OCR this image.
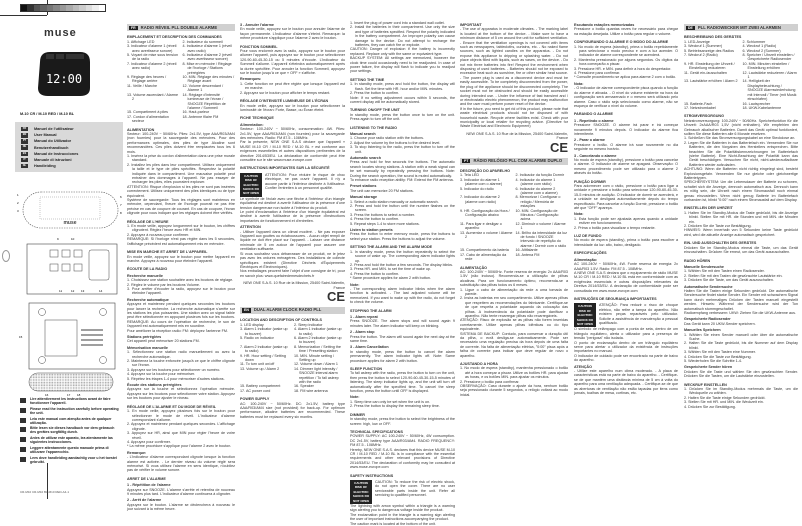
muse
12:00
M-10 CR / M-10 RED / M-10 BL
FR	Manuel de l'utilisateur
EN	User Manual
PT	Manual do Utilizador
DE	Benutzerhandbuch
ES	Manual de Instrucciones
IT	Manuale di istruzioni
NL	Handleiding
muse
1
2
3
6
7
8
9	10
11	12 13	14
15
16	17 18
Lire attentivement les instructions avant de faire fonctionner l'appareil.
Please read the instruction carefully before operating the unit.
Leia este manual com atenção antes de qualquer utilização.
Bitte lesen sie dieses handbuch vor dem gebrauch des gerätes sorgfältig durch.
Antes de utilizar este aparato, lea atentamente las siguientes instrucciones.
Leggere attentamente questo manuale prima di utilizzare l'apparecchio.
Lees deze handleiding aandachtig voor u het toestel gebruikt.
CR-M10 CR-M10 BL-M10 RED-A4-1
FR	RADIO RÉVEIL PLL DOUBLE ALARME
EMPLACEMENT ET DESCRIPTION DES COMMANDES
1. Affichage LED	2. Indicateur du sommeil
3. Indicateur d'alarme 1 (réveil avec avertisseur sonore)
4. Indicateur d'alarme 1 (réveil avec radio)
5. Voyant de mise sous tension de la radio
6. Indicateur d'alarme 2 (réveil avec avertisseur sonore)
7. Indicateur d'alarme 2 (réveil avec radio)
8. Mise en mémoire / Réglage de l'horloge / Stations préréglées
9. Réglage des heures / Réglage arrière
10. MIN. Réglage des minutes / Réglage avant
11. Veille / Marche	12. Volume descendant / Alarme 1
13. Volume ascendant / Alarme 2
14. Réglage d'intensité lumineuse de l'écran / SNOOZE Répétition de l'alarme / Sommeil
15. Compartiment à piles	16. Haut-parleur
17. Cordon d'alimentation secteur
18. Antenne filaire FM
ALIMENTATION
Secteur: 100-240V ~ 50/60Hz. Piles: 2x1.5V, type AAA/R03/AM4 (non fournies) pour la sauvegarde des mémoires. Pour des performances optimales, des piles de type Alcaline sont recommandées. Ces piles doivent être remplacées tous les 6 mois.
1. Insérez la prise du cordon d'alimentation dans une prise murale standard.
2. Installez les piles dans leur compartiment. Utilisez uniquement la taille et le type de piles spécifiés. Respectez la polarité indiquée dans le compartiment. Une mauvaise polarité peut entraîner des dommages à l'appareil. Ne pas essayer de recharger les piles, elles pourraient exploser.
ATTENTION: Risque d'explosion si les piles ne sont pas insérées correctement. Utilisez uniquement des piles identiques ou de type équivalent.
Système de sauvegarde: Tous les réglages sont maintenus en mémoire, cependant, l'heure de l'horloge pourrait ne pas être précise en cas de coupure de courant. En cas de coupure, l'écran clignote pour vous indiquer que les réglages doivent être vérifiés.
RÉGLAGE DE L'HEURE
1. En mode veille, appuyez longuement sur le bouton, les chiffres clignotent. Réglez l'heure avec HR et MIN.
2. Appuyez à nouveau pour confirmer.
REMARQUE: Si l'horloge n'est pas réglée dans les 5 secondes, l'affichage précédent est automatiquement mis en mémoire.
MISE EN MARCHE ET ARRET DE L'APPAREIL
En mode veille, appuyez sur le bouton pour mettre l'appareil en marche. Appuyez à nouveau pour éteindre l'appareil.
ÉCOUTE DE LA RADIO
Recherche manuelle
1. Choisissez une station souhaitée avec les boutons de réglage.
2. Réglez le volume par les boutons Volume.
3. Pour arrêter d'écouter la radio, appuyez sur le bouton pour éteindre l'appareil.
Recherche automatique
Appuyez et maintenez pendant quelques secondes les boutons pour lancer la recherche. La recherche automatique s'arrête sur les stations les plus puissantes. Une station avec un signal faible peut être sélectionnée en appuyant plusieurs fois sur les boutons. REMARQUE: Au cours de l'opération de recherche, le son de l'appareil est automatiquement mis en sourdine.
Pour améliorer la réception radio: FM: déployez l'antenne FM.
Stations préréglées
Cet appareil peut mémoriser 20 stations FM.
Mémorisation manuelle
1. Sélectionnez une station radio manuellement ou avec la recherche automatique.
2. Maintenez la touche enfoncée jusqu'à ce que le chiffre clignote sur l'écran.
3. Appuyez sur les boutons pour sélectionner un numéro.
4. Appuyez sur la touche pour mémoriser.
5. Répétez les étapes 1-4 pour mémoriser d'autres stations.
Écoute des stations préréglées
Appuyez sur la touche et sélectionnez l'opération mémoire. Appuyez sur les boutons pour sélectionner votre station. Appuyez sur les boutons pour ajuster le niveau.
RÉGLAGE DE L'ALARME ET DU MODE DE RÉVEIL
1. En mode veille, appuyez plusieurs fois sur le bouton pour sélectionner le mode de réveil. L'indicateur d'alarme correspondant s'allume.
2. Appuyez et maintenez pendant quelques secondes. L'affichage clignote.
3. Appuyez sur HR, ainsi que MIN pour régler l'heure de votre réveil.
4. Appuyez pour confirmer.
* La même procédure s'applique pour l'alarme 2 avec le bouton.
Remarque:
- L'indicateur d'alarme correspondant clignote lorsque la fonction alarme est activée. - Le dernier niveau du volume réglé sera mémorisé. Si vous utilisez l'alarme en sens identique, n'oubliez pas de vérifier le volume sonore.
ARRET DE L'ALARME
1 - Répétition de l'alarme
Appuyez sur SNOOZE. L'alarme s'arrête et retentira de nouveau 9 minutes plus tard. L'indicateur d'alarme continuera à clignoter.
2 - Arrêt de l'alarme
Appuyez sur le bouton. L'alarme se déclenchera à nouveau le jour suivant à la même heure.
3 - Annuler l'alarme
En mode veille, appuyez sur le bouton pour annuler l'alarme de façon permanente. L'indicateur d'alarme s'éteint. Remarque: la même procédure s'applique pour l'alarme 2 avec le bouton.
FONCTION SOMMEIL
Pour vous endormir avec la radio, appuyez sur le bouton pour allumer l'appareil, puis appuyez sur le bouton pour sélectionner 120-90-60-45-30-15 ou 5 minutes d'écoute. L'indicateur du Sommeil s'allume. L'appareil s'éteindra automatiquement après la durée spécifiée. Pour annuler la fonction Sommeil, appuyez sur le bouton jusqu'à ce que « OFF » s'affiche.
Remarques:
1. Cette fonction ne peut être réglée que lorsque l'appareil est en marche.
2. Appuyez sur le bouton pour afficher le temps restant.
RÉGLAGE D'INTENSITÉ LUMINEUSE DE L'ÉCRAN
En mode veille, appuyez sur le bouton pour sélectionner la luminosité de l'écran: Forte, Basse, ou Écran éteint.
FICHE TECHNIQUE
Alimentation:
Secteur: 100-240V ~ 50/60Hz, consommation: 4W. Piles: 2x1.5V, type AAA/R03/AM4 (non fournies) pour la sauvegarde des mémoires. Radio: FM 87.5 - 108MHz.
Par la présente, NEW ONE S.A.S déclare que l'appareil « MUSE M-10 CR / M-10 RED / M-10 BL » est conforme aux exigences essentielles et autres dispositions pertinentes de la directive 2014/53/EU. La déclaration de conformité peut être consultée sur le site www.muse-europe.com
INSTRUCTIONS IMPORTANTES SUR LA SÉCURITÉ
CAUTION RISK OF ELECTRIC SHOCK DO NOT OPEN
ATTENTION: Pour réduire le risque de choc électrique, ne pas ouvrir l'appareil. Il n'y a aucune partie à l'intérieur destinée à l'utilisateur. Confier l'entretien à un personnel qualifié.
Le symbole de l'éclair avec une flèche à l'intérieur d'un triangle équilatéral est destiné à avertir l'utilisateur de la présence d'une tension dangereuse non isolée à l'intérieur du produit.
Le point d'exclamation à l'intérieur d'un triangle équilatéral est destiné à avertir l'utilisateur de la présence d'instructions importantes de fonctionnement et d'entretien.
ATTENTION
- Utiliser l'appareil dans un climat modéré. - Ne pas exposer l'appareil aux gouttes ou éclaboussures. - Aucun objet rempli de liquide ne doit être placé sur l'appareil. - Laisser une distance minimale de 5 cm autour de l'appareil pour assurer une ventilation suffisante.
Si vous souhaitez vous débarrasser de ce produit, ne le jetez pas avec les ordures ménagères. Des installations de collecte spécifiques existent (Directive Déchets d'Équipements Électriques et Électroniques).
Nos emballages peuvent faire l'objet d'une consigne de tri, pour en savoir plus: www.quefairedemesdechets.fr
NEW ONE S.A.S. 10 Rue de la Mission, 25400 Saint-Valentin, France
CE
EN	DUAL ALARM CLOCK RADIO PLL
LOCATION AND DESCRIPTION OF CONTROLS
1. LED display	2. Sleep indicator
3. Alarm 1 indicator (wake up to buzzer)
4. Alarm 1 indicator (wake up to radio)
5. Radio on indicator	6. Alarm 2 indicator (wake up to buzzer)
7. Alarm 2 indicator (wake up to radio)
8. Memorization / Setting the time / Presetting station
9. HR. Hour setting / Setting down
10. MIN. Minute setting / Setting up
11. To turn unit on/off	12. Volume down / Alarm 1
13. Volume up / Alarm 2	14. Dimmer light intensity / SNOOZE interval alarm repetition / To fall asleep with the radio
15. Battery compartment	16. Speaker
17. AC power cord	18. FM wire antenna
POWER SUPPLY
AC: 100-240V ~ 50/60Hz. DC: 2x1.5V, battery type AAA/R03/AM4 size (not provided) for back-up. For optimum performance, alkaline batteries are recommended. These batteries must be replaced every six months.
1. Insert the plug of power cord into a standard wall outlet.
2. Install the batteries in their compartment. Use only the size and type of batteries specified. Respect the polarity indicated in the battery compartment. An improper polarity can cause damage to the device. Do not attempt to recharge the batteries, they can catch fire or explode.
CAUTION: Danger of explosion if the battery is incorrectly replaced. Replace only with the same or equivalent type.
BACKUP SYSTEM: All settings are memorized, however the clock time could occasionally need to be readjusted. In case of power failure, the display will flash to indicate you to readjust your settings.
SETTING THE TIME
1. In standby mode, press and hold the button, the display will flash. Set the time with HR. hour and/or MIN. minutes.
2. Press the button to confirm.
Note: If no setting adjustment occurs within 5 seconds, the current display will be automatically stored.
TURNING ON/OFF THE UNIT
In standby mode, press the button once to turn on the unit. Press again to turn off the unit.
LISTENING TO THE RADIO
Manual search
1. Choose your radio station with the buttons.
2. Adjust the volume by the buttons to the desired level.
3. To stop listening to the radio, press the button to turn off the unit.
Automatic search
Press and hold for few seconds the buttons. The automatic search locates strong stations. A station with a weak signal can be set manually by repeatedly pressing the buttons. Note: During the search operation, the sound is muted automatically.
To enhance radio reception ability: FM: Extend the FM antenna.
Preset stations
The unit can memorize 20 FM stations.
Manual storage
1. Select a radio station manually or automatic search.
2. Press and hold the button until the number flashes on the screen.
3. Press the buttons to select a number.
4. Press the button to confirm.
5. Repeat steps 1-4 to store more stations.
Listen to station presets
Press the button to enter memory mode, press the buttons to select your station. Press the buttons to adjust the volume.
SETTING THE ALARM AND THE ALARM MODE
1. In standby mode, press the button repeatedly to select the source of wake up. The corresponding alarm indicator lights up.
2. Press and hold the button a few seconds. The display blinks.
3. Press HR. and MIN. to set the time of wake up.
4. Press the button to confirm.
* Same procedure applies for alarm 2 with button.
Note:
- The corresponding alarm indicator blinks when the alarm function is activated. - The last adjusted volume will be memorized. If you want to wake up with the radio, do not forget to check the volume.
STOPPING THE ALARM
1 - Alarm repeat
Press SNOOZE. The alarm stops and will sound again 9 minutes later. The alarm indicator will keep on blinking.
2 - Alarm stop
Press the button. The alarm will sound again the next day at the same time.
3 - Alarm Cancellation
In standby mode, press the button to cancel the alarm permanently. The alarm indicator lights off. Note: Same procedure applies for alarm 2 with button.
SLEEP FUNCTION
To fall asleep with the radio, press the button to turn on the unit, then press the button to select 120-90-60-45-30-15-5 minutes of listening. The sleep indicator lights up, and the unit will turn off automatically after the specified time. To cancel the sleep function, press the button until OFF is displayed.
Note:
1. Sleep time can only be set when the unit is on.
2. Press the button to display the remaining sleep time.
DIMMER
In standby mode, press the button to select the brightness of the screen: high, low or OFF.
TECHNICAL SPECIFICATIONS
POWER SUPPLY: AC 100-240V ~ 50/60Hz, 4W consumption. DC 2x1.5V, battery type AAA/R03/AM4. RADIO FREQUENCY: FM 87.5 - 108MHz.
Hereby, NEW ONE S.A.S. declares that this device MUSE M-10 CR / M-10 RED / M-10 BL is in compliance with the essential requirements and other relevant provisions of Directive 2014/53/EU. The declaration of conformity may be consulted at www.muse-europe.com
SAFETY INSTRUCTIONS
CAUTION RISK OF ELECTRIC SHOCK DO NOT OPEN
CAUTION: To reduce the risk of electric shock, do not open the cover. There are no user serviceable parts inside the unit. Refer all servicing to qualified personnel.
The lightning with arrow symbol within a triangle is a warning sign alerting you to dangerous voltage inside the product.
The exclamation point in the triangle is a warning sign alerting the user of important instructions accompanying the product.
The caution mark is located at the bottom of the unit.
IMPORTANT
- The use of apparatus in moderate climates. - The marking label is located at the bottom of the device. - Make sure to have a minimum distance of 5 cm around the unit for sufficient ventilation. - Ensure that the ventilation openings is not covered with items such as newspapers, tablecloths, curtains, etc. - No naked flame sources, such as lighted candles on the apparatus. - Do not expose this appliance to dripping or splashing water. - Do not place objects filled with liquids, such as vases, on the device. - Do not mix three batteries into fire! Respect the environment when disposing of used batteries. - Batteries should not be exposed to excessive heat such as sunshine, fire or other similar heat source. - The power plug is used as a disconnect device and must be easily accessible. To be completely disconnected from the power, the plug of the appliance should be disconnected completely. The socket must not be obstructed and should be easily accessible during intended use. - Under the influence of fast transient and / or electrostatic electric phenomenon, the product may malfunction and the user must perform power reset of the device.
If in the future, you need to get rid of this product, please note that waste electrical products should not be disposed of with household waste. Recycle where facilities exist. Check with your municipality or local retailer for recycling advice. (Directive for Waste Electrical and Electronic Equipment)
NEW ONE S.A.S. 10 Rue de la Mission, 25400 Saint-Valentin, France
CE
PT	RÁDIO RELÓGIO PLL COM ALARME DUPLO
DESCRIÇÃO DO APARELHO
1. Tela LED	2. Indicador da função Dormir
3. Indicador do alarme 1 (alarme com o alarme)
4. Indicador do alarme 1 (alarme com rádio)
5. Indicador do rádio	6. Indicador do alarme 2 (alarme com o alarme)
7. Indicador do alarme 2 (alarme com rádio)
8. Memorizar / Configurar o relógio / Memória de estações
9. HR. Configuração da Hora / Configuração abaixo
10. MIN. Configuração de Minutos / Configuração acima
11. Para ligar e desligar o aparelho
12. Diminuir o volume / Alarme 1
13. Aumentar o volume / Alarme 2
14. Brilho da intensidade da luz de fundo / SNOOZE intervalo de repetição do alarme / Dormir com o rádio
15. Compartimento da bateria	16. Altifalante
17. Cabo de alimentação da rede
18. Antena FM
ALIMENTAÇÃO
AC: 100-240V ~ 50/60Hz. Fonte reserva de energia: 2x AAA/R03 1.5V (não incluso). Recomenda-se a utilização de pilhas alcalinas. Para um funcionamento óptimo, recomenda-se a substituição das pilhas todos os 6 meses.
1. Ligue o cabo de alimentação da rede a uma tomada de parede.
2. Insira as baterias em seu compartimento. Utilize apenas pilhas que respeitem as recomendações do fabricante. Certifique-se de que respeita a polaridade aquando da colocação das pilhas. A inobservância da polaridade pode danificar o aparelho. Não tente recarregar pilhas não recarregáveis.
ATENÇÃO: Risco de explosão se as pilhas não forem inseridas corretamente. Utilize apenas pilhas idênticas ou do tipo equivalente.
SISTEMA DE BACKUP: Contudo, para conservar a duração útil da pilha, o ecrã desliga-se automaticamente. Pode ser necessário uma regulação precisa da hora depois de uma falta de corrente. Na falta de alimentação elétrica, "0:00" pisca após a falha de corrente para indicar que deve regular de novo o aparelho.
AJUSTANDO A HORA
1. No modo de espera (standby), mantenha pressionado o botão até a hora começar a piscar. Utilize os botões HR. para ajustar as horas, e os botões MIN. para ajustar os minutos.
2. Pressione o botão para confirmar.
OBSERVAÇÃO: Caso durante o ajuste da hora, nenhum botão seja pressionado durante 5 segundos, o relógio voltará ao modo inicial.
Escutando estações memorizadas
Pressione o botão quantas vezes for necessário para chegar na estação desejada. Utilize o botão para regular o volume.
CONFIGURANDO O ALARME E O MODO DO ALARME
1. No modo de espera (standby), prima o botão repetidamente para selecionar o modo preciso e com a luz acender. O indicador de alarme correspondente se acenderá.
2. Mantenha pressionado por alguns segundos. Os dígitos da hora começarão a piscar.
3. Pressione HR. e MIN. para definir a hora do despertador.
4. Pressione para confirmar.
* Consulte procedimento se aplica para alarme 2 com o botão.
Nota:
- O indicador de alarme correspondente pisca quando a função do alarme é ativada. - O nível do volume existente na hora da configuração será armazenado e o mesmo será utilizado pelo alarme. Caso o rádio seja selecionado como alarme, não se esqueça de verificar o nível do volume.
PARANDO O ALARME
1 - Repetindo o alarme
Pressione SNOOZE. O alarme irá parar e irá começar novamente 9 minutos depois. O indicador do alarme fica intermitente.
2 - Parar o alarme
Pressione o botão. O alarme irá soar novamente no dia seguinte no mesmo horário.
3 - Cancelando o alarme
No modo de espera (standby), pressione o botão para cancelar o alarme. O indicador de alarme se apagará. Observação: O mesmo procedimento pode ser utilizado para o alarme 2 através do botão.
FUNÇÃO DORMIR
Para adormecer com o rádio, pressione o botão para ligar a unidade e pressione o botão para selecionar 120-90-60-45-30-15-5 minutos de audição. O indicador de dormir se acenderá, e a unidade se desligará automaticamente depois do tempo especificado. Para cancelar a função Dormir, pressione o botão até que "OFF" apareça.
Nota:
1. Esta função pode ser ajustada apenas quando a unidade estiver em funcionamento.
2. Prima o botão para visualizar o tempo restante.
LUZ DE FUNDO
No modo de espera (standby), prima o botão para escolher a intensidade da luz: alto, baixo, desligado.
ESPECIFICAÇÕES
Alimentação:
AC 100-240V ~ 50/60Hz, 4W. Fonte reserva de energia: 2x AAA/R03 1.5V. Rádio: FM 87.5 - 108MHz.
A NEW ONE S.A.S declara que o equipamento de rádio MUSE M-10 CR / M-10 RED / M-10 BL está em conformidade com as exigências essenciais e outras disposições relevantes da Diretiva 2014/53/EU. A declaração de conformidade pode ser consultada em www.muse-europe.com
INSTRUÇÕES DE SEGURANÇA IMPORTANTES
CAUTION RISK OF ELECTRIC SHOCK DO NOT OPEN
ATENÇÃO: Para reduzir o risco de choque elétrico, não retire a tampa do aparelho. Não existem peças reparáveis pelo utilizador. Solicite a assistência de manutenção a pessoal qualificado.
O símbolo de relâmpago com a ponta de seta, dentro de um triângulo equilátero, alerta o utilizador para a presença de tensão "perigosa" não isolada.
O ponto de exclamação dentro de um triângulo equilátero serve para alertar o utilizador da existência de instruções importantes no manual.
O indicador de cuidado pode ser encontrado na parte de baixo do aparelho.
ATENÇÃO
- Utilize este aparelho num clima moderado. - A placa de características está na parte de baixo do aparelho. - Certifique-se de que mantém uma distância mínima de 5 cm à volta do aparelho para uma ventilação adequada. - Certifique-se de que as aberturas de ventilação não estão tapadas por itens como jornais, toalhas de mesa, cortinas, etc.
DE	PLL RADIOWECKER MIT ZWEI ALARMEN
BESCHREIBUNG DES GERÄTES
1. LED-Anzeige	2. Schlummer
3. Weckruf 1 (Summer)	4. Weckruf 1 (Radio)
5. Betriebsanzeige des Radios	6. Weckruf 2 (Summer)
7. Weckruf 2 (Radio)	8. Speicher / Uhrzeit einstellen / Gespeicherte Radiosender
9. HR. Einstellung der Uhrzeit / Einstellung reduzieren
10. MIN. Minuten einstellen / Einstellung erhöhen
11. Gerät ein-/ausschalten	12. Lautstärke reduzieren / Alarm 1
13. Lautstärke erhöhen / Alarm 2	14. Helligkeit der Displaybeleuchtung / SNOOZE Alarmwiederholung mit Intervall / Timer (mit Musik einschlafen)
15. Batterie-Fach	16. Lautsprecher
17. Netzstromkabel	18. UKW-Kabelantenne
STROMVERSORGUNG
Netzstromversorgung: 100-240V ~ 50/60Hz. Speicherfunktion für die Uhrzeit: 2xAAA/R03 1,5V (nicht enthalten). Wir empfehlen den Gebrauch alkalischer Batterien. Damit das Gerät optimal funktioniert, sollten Sie diese Batterien alle 6 Monate ersetzen.
1. Schließen Sie das Stromversorgungskabel an eine Steckdose an.
2. Legen Sie die Batterien in das Batteriefach ein. Verwenden Sie nur Batterien, die den Vorgaben des Herstellers entsprechen. Bitte beachten Sie die Polaritätskennzeichnungen im Batteriefach (siehe Batterie). Eine Nicht-Beachtung der Polarität kann das Gerät beschädigen. Versuchen Sie nicht, nicht-wiederaufladbare Batterien wieder aufzuladen.
ACHTUNG: Wenn die Batterien nicht richtig eingelegt sind, besteht Explosionsgefahr. Verwenden Sie nur gleiche oder gleichwertige Batterietypen.
SPEICHERSYSTEM: Um die Lebensdauer der Batterie zu schonen, schaltet sich die Anzeige, dennoch automatisch aus. Dennoch kann es nötig sein, die Uhrzeit nach einem Stromausfall noch einmal genau einzustellen. Wenn nicht genug Batterie im Batteriefach vorhanden ist, blinkt "0:00" nach einem Stromausfall auf dem Display.
EINSTELLEN DER UHRZEIT
1. Halten Sie im Standby-Modus die Taste gedrückt, bis die Anzeige blinkt. Stellen Sie mit HR. die Stunden und mit MIN. die Minuten ein.
2. Drücken Sie die Taste zur Bestätigung.
HINWEIS: Wenn innerhalb von 5 Sekunden keine Taste gedrückt wird, wird die aktuelle Anzeige automatisch gespeichert.
EIN- UND AUSSCHALTEN DES GERÄTES
Drücken Sie im Standby-Modus einmal die Taste, um das Gerät einzuschalten. Drücken Sie erneut, um das Gerät auszuschalten.
RADIO HÖREN
Manuelle Sendersuche
1. Wählen Sie mit den Tasten einen Radiosender.
2. Stellen Sie mit den Tasten die gewünschte Lautstärke ein.
3. Drücken Sie die Taste, um das Gerät auszuschalten.
Automatische Sendersuche
Halten Sie die Tasten einige Sekunden gedrückt. Die automatische Sendersuche findet starke Sender. Ein Sender mit schwachem Signal kann durch mehrmaliges Drücken der Tasten manuell eingestellt werden. Hinweis: Während der Sendersuche wird der Ton automatisch stummgeschaltet.
Radioempfang verbessern: UKW: Ziehen Sie die UKW-Antenne aus.
Gespeicherte Radiosender
Das Gerät kann 20 UKW-Sender speichern.
Manuelles Speichern
1. Wählen Sie einen Sender manuell oder über die automatische Suche.
2. Halten Sie die Taste gedrückt, bis die Nummer auf dem Display blinkt.
3. Wählen Sie mit den Tasten eine Nummer.
4. Drücken Sie die Taste zur Bestätigung.
5. Wiederholen Sie die Schritte 1-4.
Gespeicherte Sender hören
Drücken Sie die Taste und wählen Sie den gewünschten Sender. Drücken Sie die Tasten, um die Lautstärke einzustellen.
WECKRUF EINSTELLEN
1. Drücken Sie im Standby-Modus mehrmals die Taste, um die Weckquelle zu wählen.
2. Halten Sie die Taste einige Sekunden gedrückt.
3. Stellen Sie mit HR. und MIN. die Weckzeit ein.
4. Drücken Sie zur Bestätigung.
